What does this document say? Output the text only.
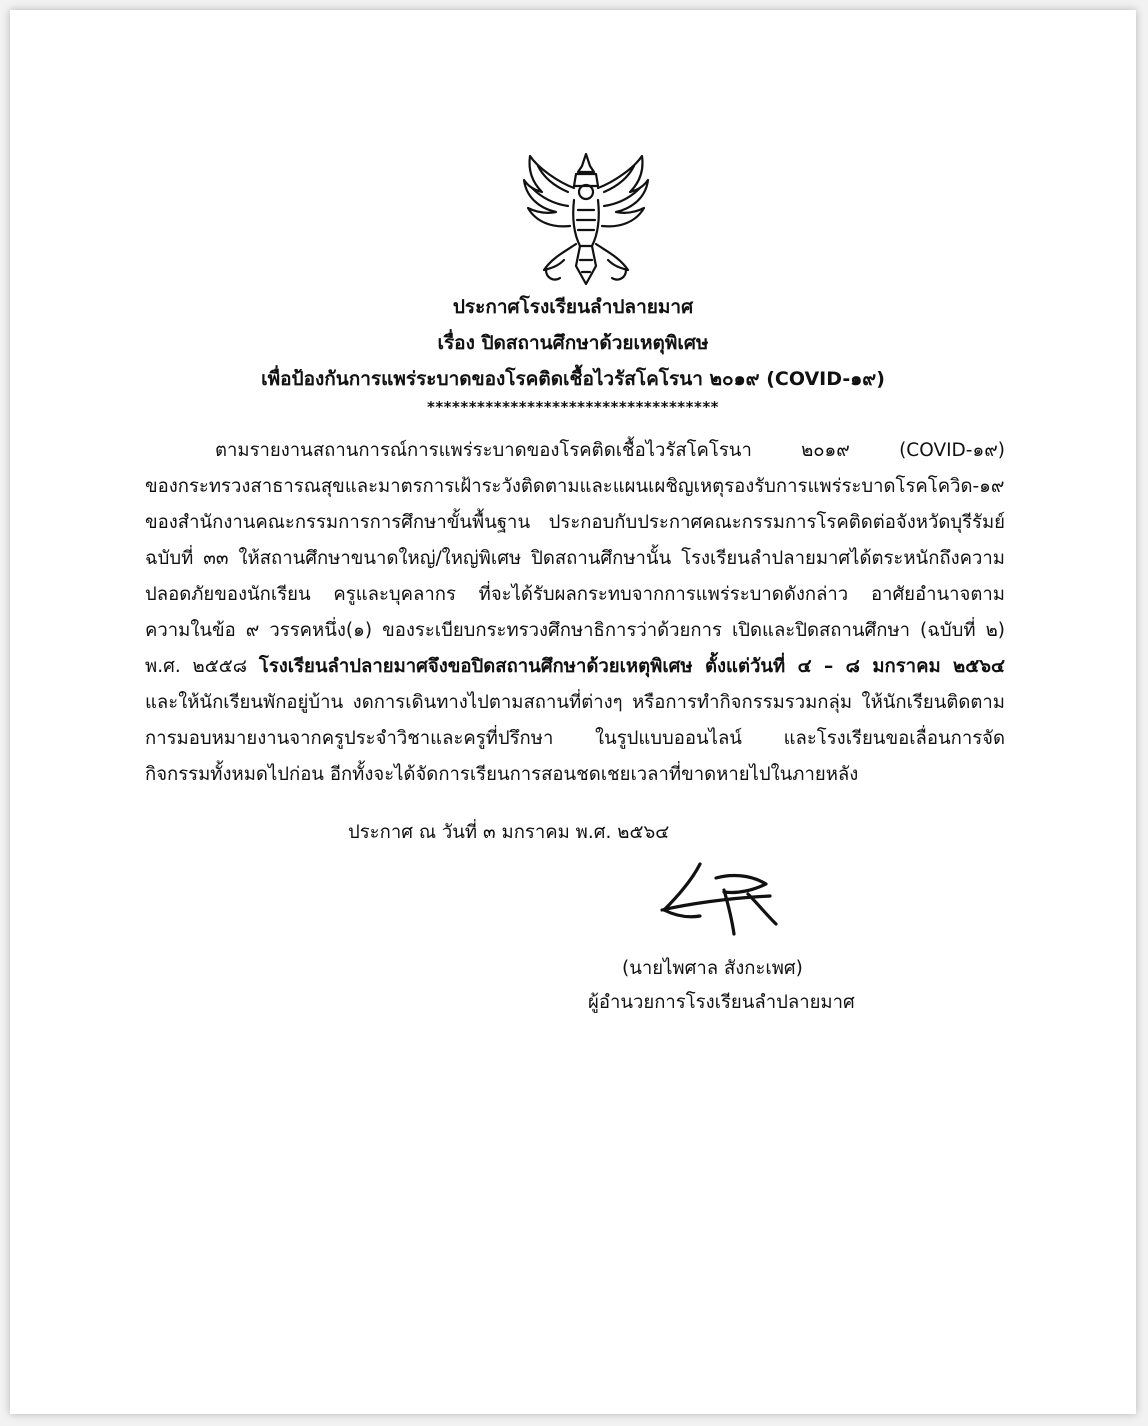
ประกาศโรงเรียนลำปลายมาศ
เรื่อง ปิดสถานศึกษาด้วยเหตุพิเศษ
เพื่อป้องกันการแพร่ระบาดของโรคติดเชื้อไวรัสโคโรนา ๒๐๑๙ (COVID-๑๙)
***********************************
ตามรายงานสถานการณ์การแพร่ระบาดของโรคติดเชื้อไวรัสโคโรนา ๒๐๑๙ (COVID-๑๙)
ของกระทรวงสาธารณสุขและมาตรการเฝ้าระวังติดตามและแผนเผชิญเหตุรองรับการแพร่ระบาดโรคโควิด-๑๙
ของสำนักงานคณะกรรมการการศึกษาขั้นพื้นฐาน ประกอบกับประกาศคณะกรรมการโรคติดต่อจังหวัดบุรีรัมย์
ฉบับที่ ๓๓ ให้สถานศึกษาขนาดใหญ่/ใหญ่พิเศษ ปิดสถานศึกษานั้น โรงเรียนลำปลายมาศได้ตระหนักถึงความ
ปลอดภัยของนักเรียน ครูและบุคลากร ที่จะได้รับผลกระทบจากการแพร่ระบาดดังกล่าว อาศัยอำนาจตาม
ความในข้อ ๙ วรรคหนึ่ง(๑) ของระเบียบกระทรวงศึกษาธิการว่าด้วยการ เปิดและปิดสถานศึกษา (ฉบับที่ ๒)
พ.ศ. ๒๕๕๘ โรงเรียนลำปลายมาศจึงขอปิดสถานศึกษาด้วยเหตุพิเศษ ตั้งแต่วันที่ ๔ – ๘ มกราคม ๒๕๖๔
และให้นักเรียนพักอยู่บ้าน งดการเดินทางไปตามสถานที่ต่างๆ หรือการทำกิจกรรมรวมกลุ่ม ให้นักเรียนติดตาม
การมอบหมายงานจากครูประจำวิชาและครูที่ปรึกษา ในรูปแบบออนไลน์ และโรงเรียนขอเลื่อนการจัด
กิจกรรมทั้งหมดไปก่อน อีกทั้งจะได้จัดการเรียนการสอนชดเชยเวลาที่ขาดหายไปในภายหลัง
ประกาศ ณ วันที่ ๓ มกราคม พ.ศ. ๒๕๖๔
(นายไพศาล สังกะเพศ)
ผู้อำนวยการโรงเรียนลำปลายมาศ
